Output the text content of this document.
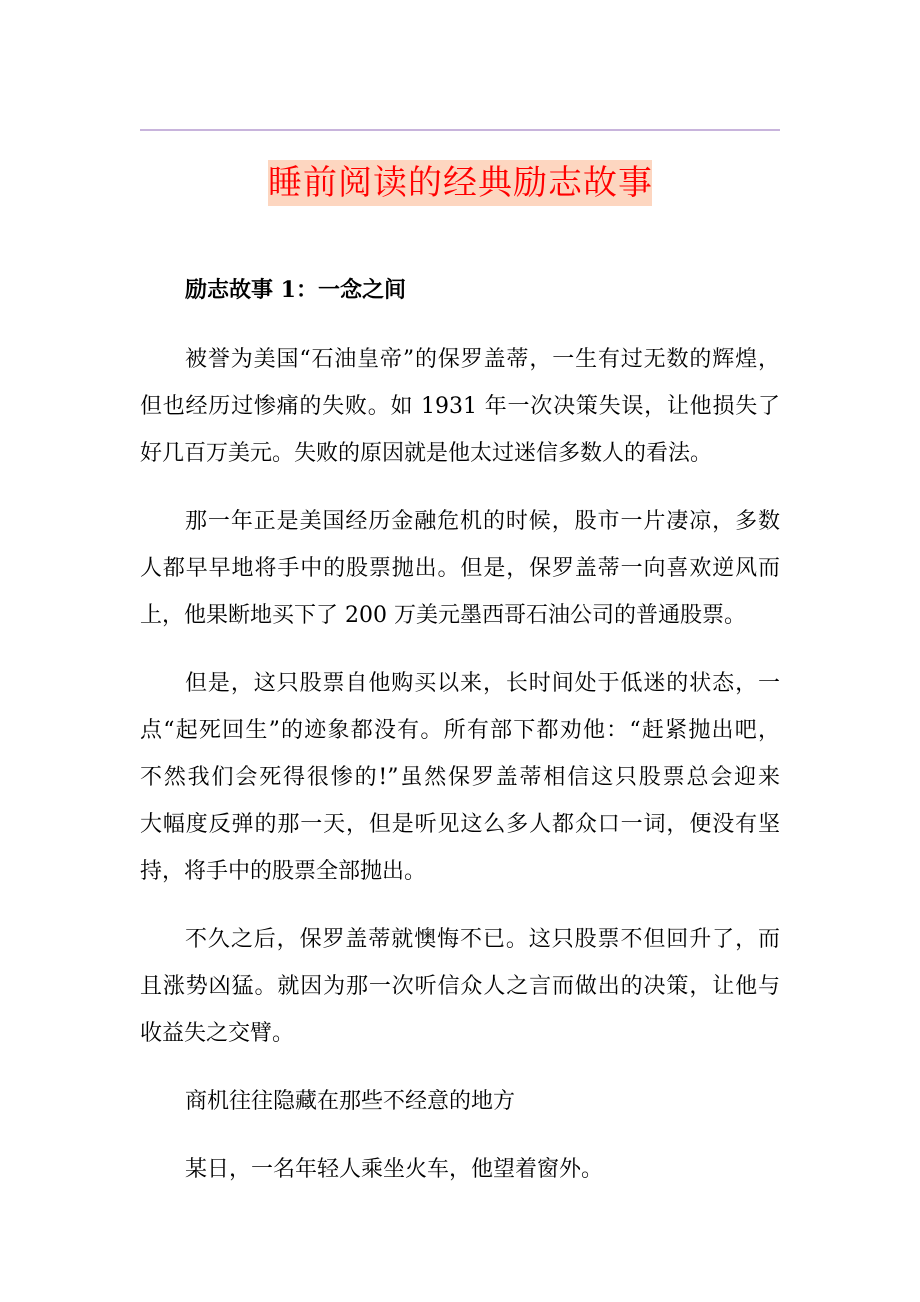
睡前阅读的经典励志故事
励志故事 1：一念之间
被誉为美国“石油皇帝”的保罗盖蒂，一生有过无数的辉煌，
但也经历过惨痛的失败。如 1931 年一次决策失误，让他损失了
好几百万美元。失败的原因就是他太过迷信多数人的看法。
那一年正是美国经历金融危机的时候，股市一片凄凉，多数
人都早早地将手中的股票抛出。但是，保罗盖蒂一向喜欢逆风而
上，他果断地买下了 200 万美元墨西哥石油公司的普通股票。
但是，这只股票自他购买以来，长时间处于低迷的状态，一
点“起死回生”的迹象都没有。所有部下都劝他：“赶紧抛出吧，
不然我们会死得很惨的!”虽然保罗盖蒂相信这只股票总会迎来
大幅度反弹的那一天，但是听见这么多人都众口一词，便没有坚
持，将手中的股票全部抛出。
不久之后，保罗盖蒂就懊悔不已。这只股票不但回升了，而
且涨势凶猛。就因为那一次听信众人之言而做出的决策，让他与
收益失之交臂。
商机往往隐藏在那些不经意的地方
某日，一名年轻人乘坐火车，他望着窗外。
